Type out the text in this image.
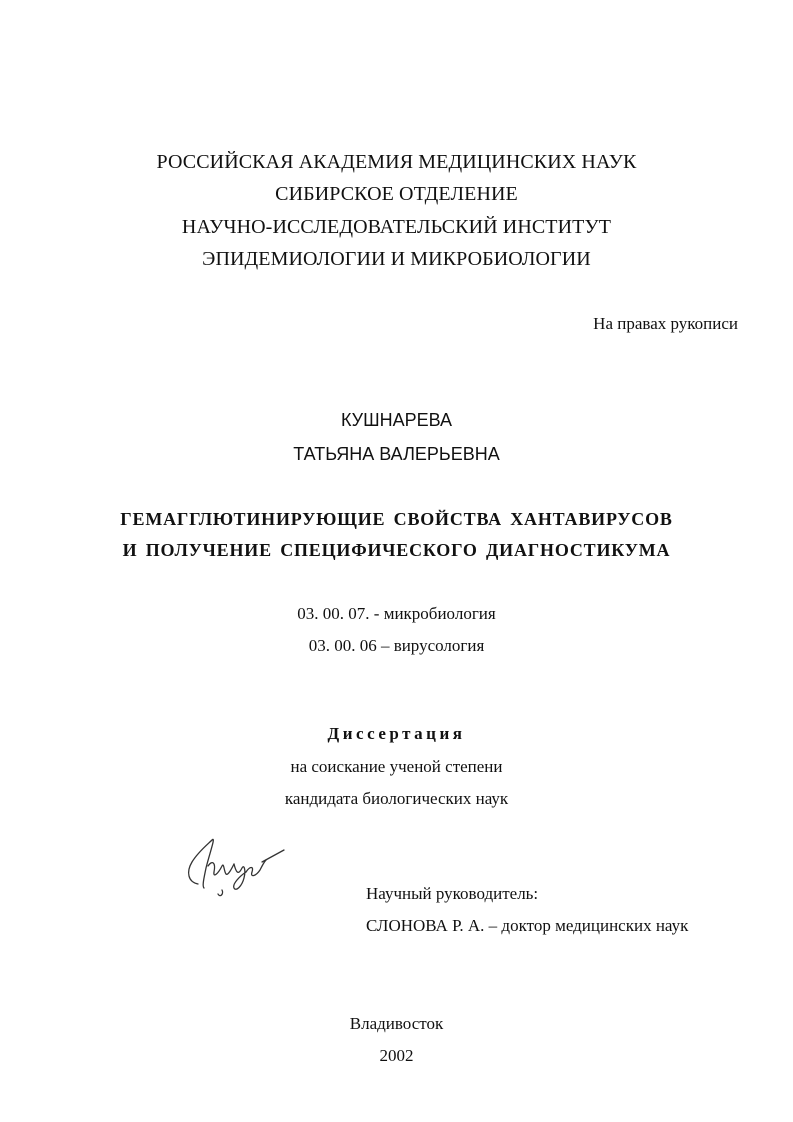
РОССИЙСКАЯ АКАДЕМИЯ МЕДИЦИНСКИХ НАУК
СИБИРСКОЕ ОТДЕЛЕНИЕ
НАУЧНО-ИССЛЕДОВАТЕЛЬСКИЙ ИНСТИТУТ
ЭПИДЕМИОЛОГИИ И МИКРОБИОЛОГИИ
На правах рукописи
КУШНАРЕВА
ТАТЬЯНА ВАЛЕРЬЕВНА
ГЕМАГГЛЮТИНИРУЮЩИЕ СВОЙСТВА ХАНТАВИРУСОВ
И ПОЛУЧЕНИЕ СПЕЦИФИЧЕСКОГО ДИАГНОСТИКУМА
03. 00. 07. - микробиология
03. 00. 06 – вирусология
Диссертация
на соискание ученой степени
кандидата биологических наук
Научный руководитель:
СЛОНОВА Р. А. – доктор медицинских наук
Владивосток
2002
